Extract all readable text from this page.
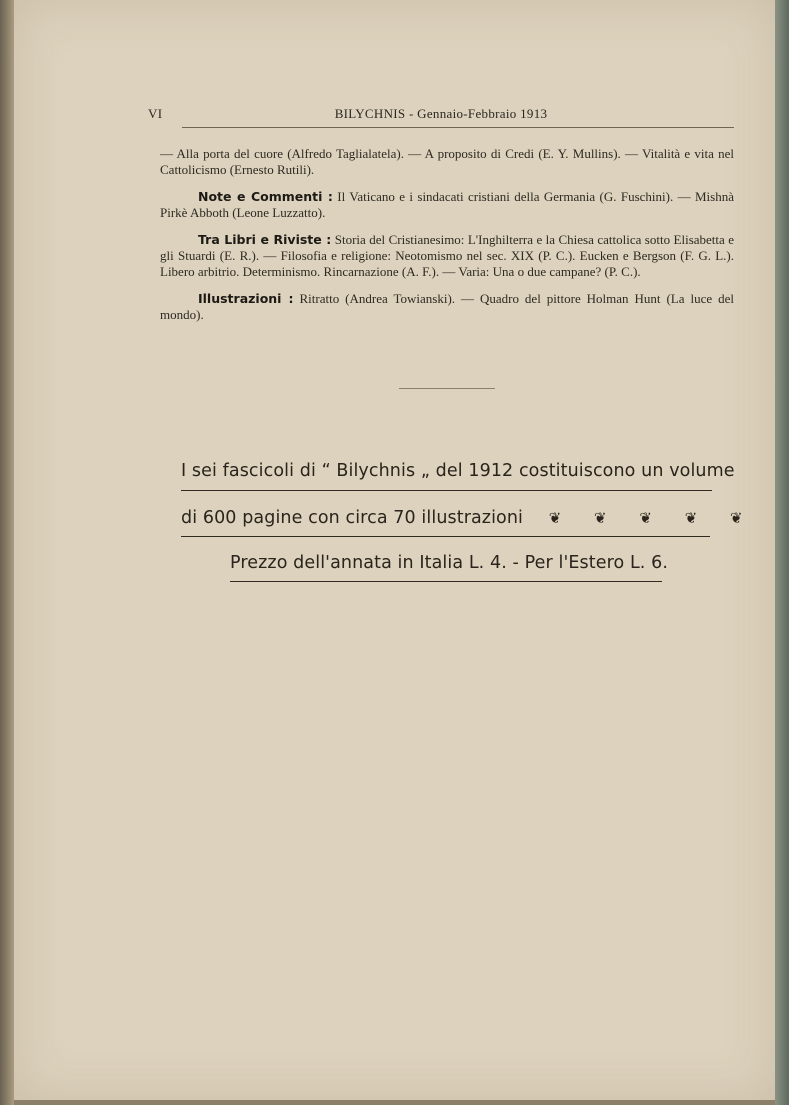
VI	BILYCHNIS - Gennaio-Febbraio 1913

— Alla porta del cuore (Alfredo Taglialatela). — A proposito di Credi (E. Y. Mullins). — Vitalità e vita nel Cattolicismo (Ernesto Rutili).

Note e Commenti : Il Vaticano e i sindacati cristiani della Germania (G. Fuschini). — Mishnà Pirkè Abboth (Leone Luzzatto).

Tra Libri e Riviste : Storia del Cristianesimo: L'Inghilterra e la Chiesa cattolica sotto Elisabetta e gli Stuardi (E. R.). — Filosofia e religione: Neotomismo nel sec. XIX (P. C.). Eucken e Bergson (F. G. L.). Libero arbitrio. Determinismo. Rincarnazione (A. F.). — Varia: Una o due campane? (P. C.).

Illustrazioni : Ritratto (Andrea Towianski). — Quadro del pittore Holman Hunt (La luce del mondo).

I sei fascicoli di “ Bilychnis „ del 1912 costituiscono un volume
di 600 pagine con circa 70 illustrazioni ❦ ❦ ❦ ❦ ❦
Prezzo dell'annata in Italia L. 4. - Per l'Estero L. 6.
